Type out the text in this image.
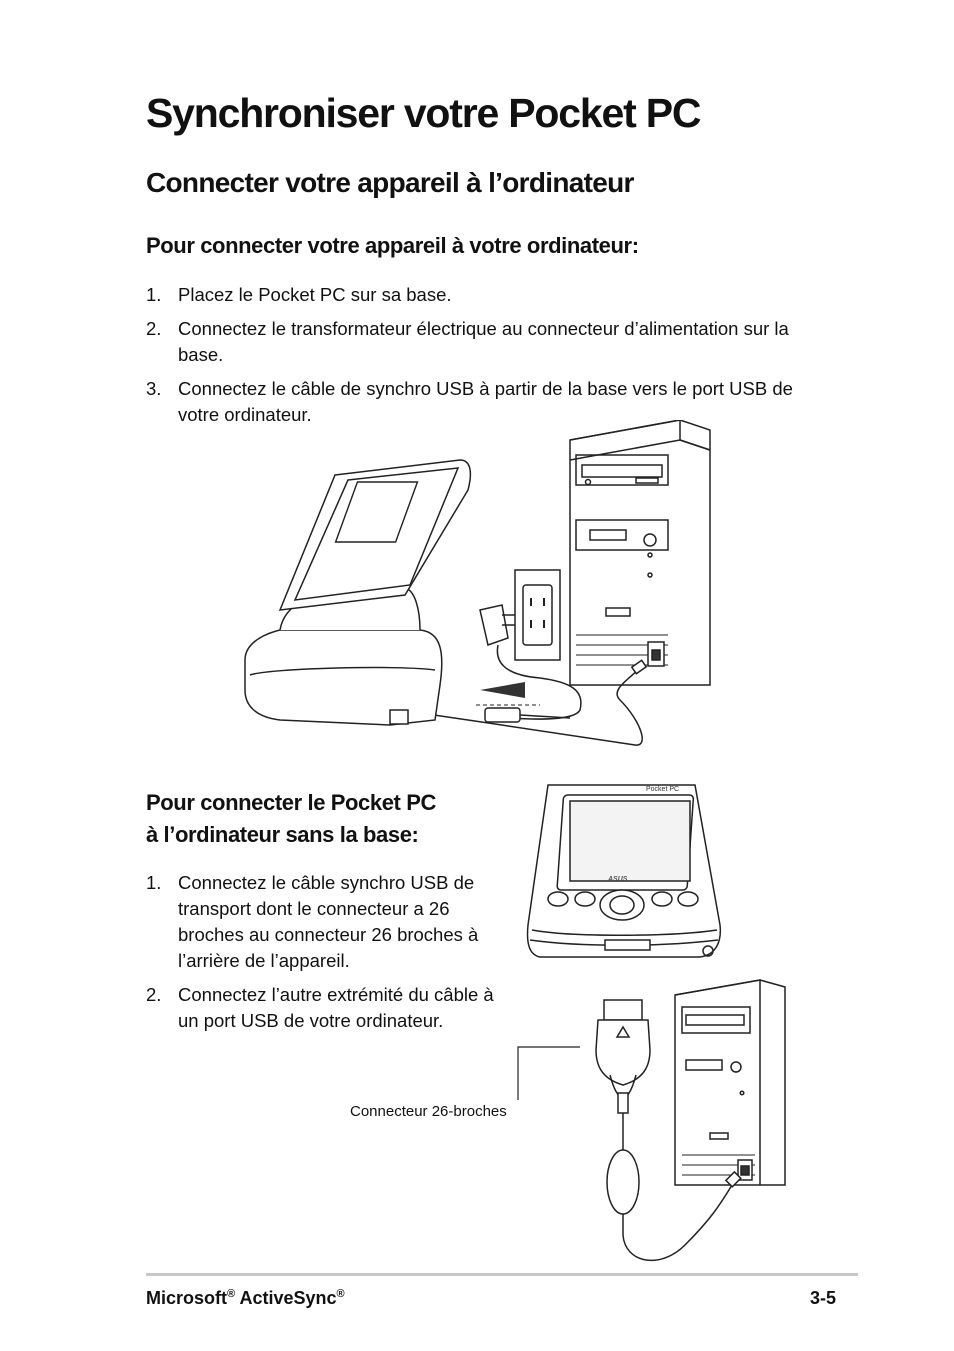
Synchroniser votre Pocket PC
Connecter votre appareil à l’ordinateur
Pour connecter votre appareil à votre ordinateur:
1. Placez le Pocket PC sur sa base.
2. Connectez le transformateur électrique au connecteur d’alimentation sur la base.
3. Connectez le câble de synchro USB à partir de la base vers le port USB de votre ordinateur.
Pour connecter le Pocket PC
à l’ordinateur sans la base:
1. Connectez le câble synchro USB de transport dont le connecteur a 26 broches au connecteur 26 broches à l’arrière de l’appareil.
2. Connectez l’autre extrémité du câble à un port USB de votre ordinateur.
Pocket PC
ASUS
Connecteur 26-broches
Microsoft® ActiveSync®	3-5
